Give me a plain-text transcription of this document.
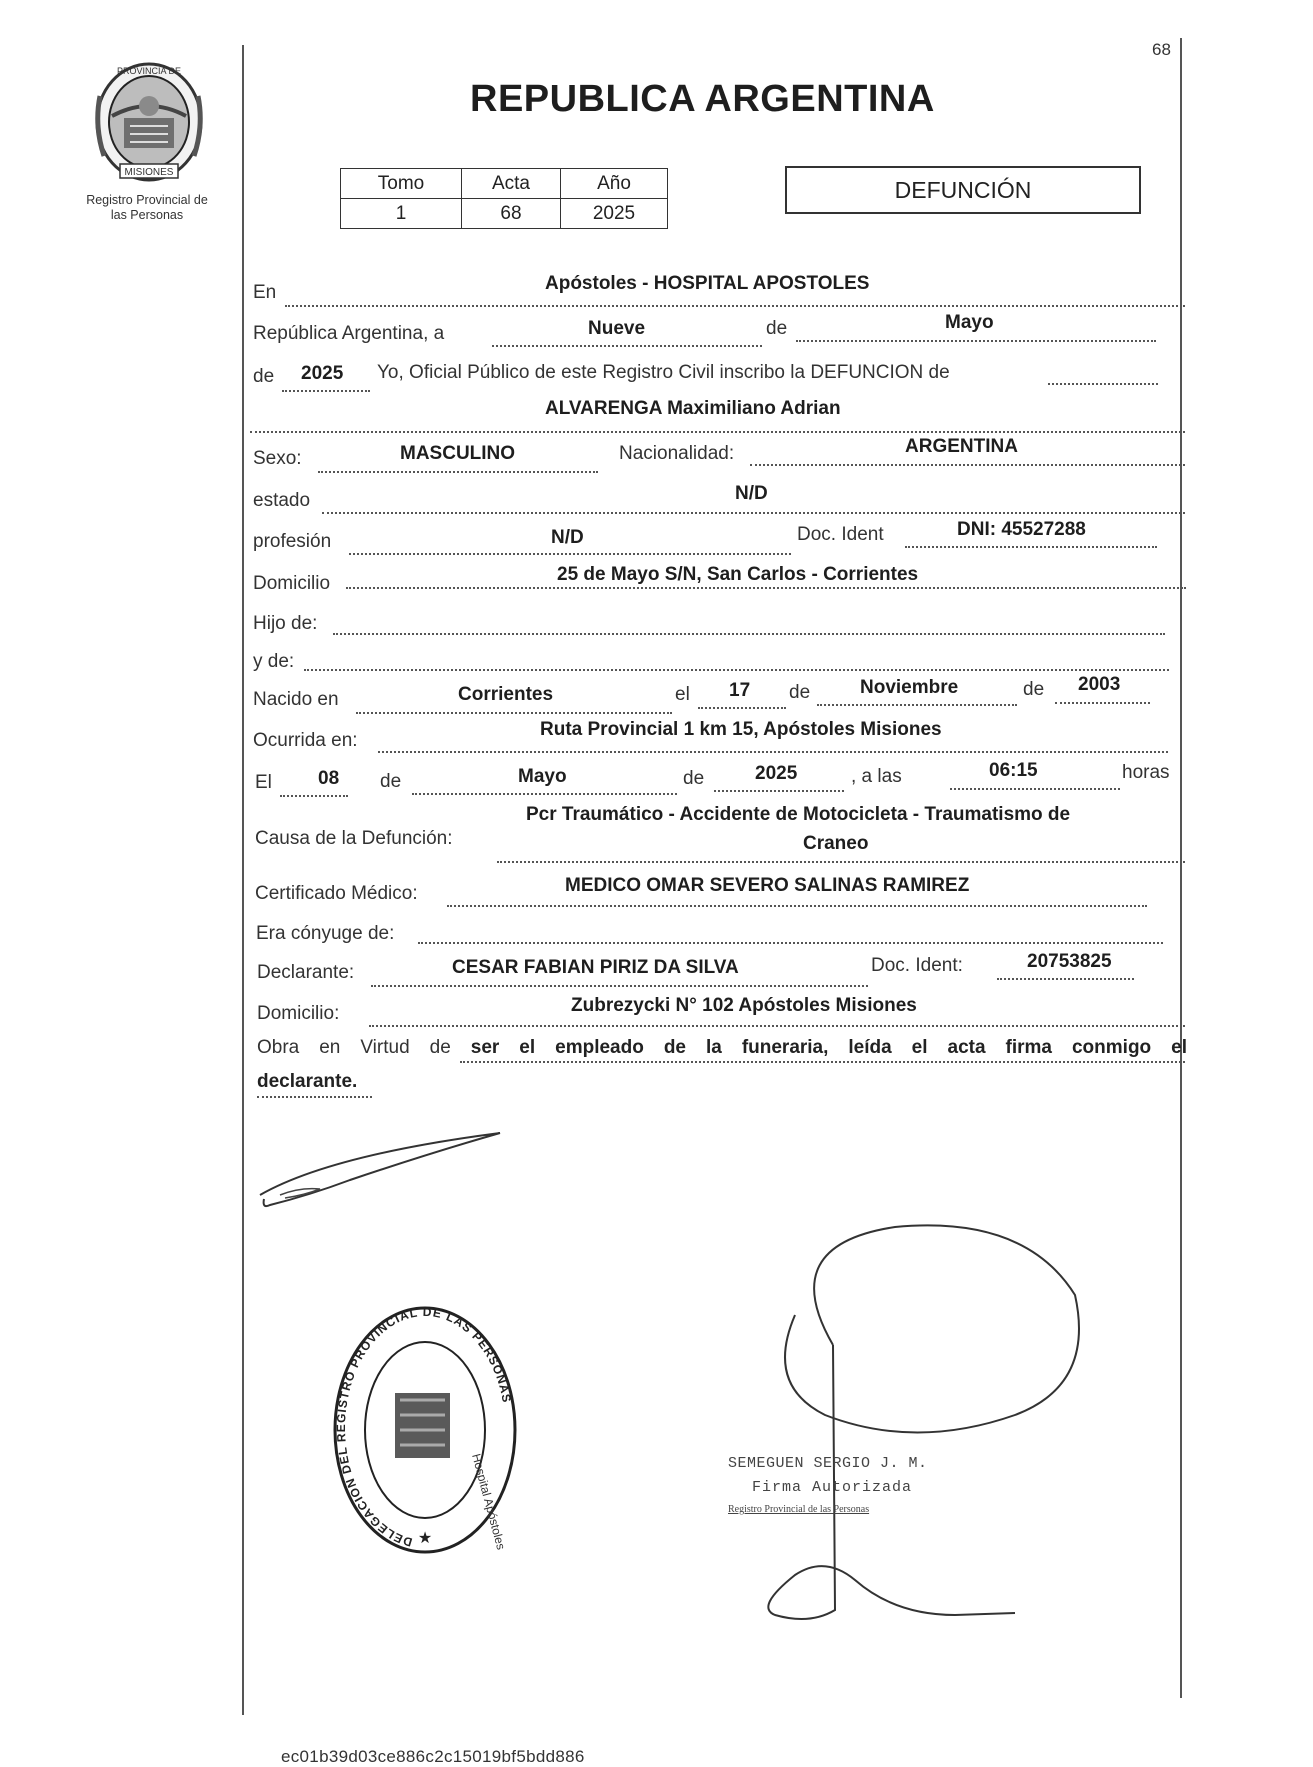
68
PROVINCIA DE
MISIONES
Registro Provincial de
las Personas
REPUBLICA ARGENTINA
Tomo	Acta	Año
1	68	2025
DEFUNCIÓN
En	Apóstoles - HOSPITAL APOSTOLES
República Argentina, a	Nueve	de	Mayo
de 2025 Yo, Oficial Público de este Registro Civil inscribo la DEFUNCION de
ALVARENGA Maximiliano Adrian
Sexo:	MASCULINO	Nacionalidad:	ARGENTINA
estado	N/D
profesión	N/D	Doc. Ident	DNI: 45527288
Domicilio	25 de Mayo S/N, San Carlos - Corrientes
Hijo de:
y de:
Nacido en	Corrientes	el 17 de	Noviembre	de 2003
Ocurrida en:
Ruta Provincial 1 km 15, Apóstoles Misiones
El 08 de	Mayo	de	2025	, a las	06:15	horas
Causa de la Defunción:
Pcr Traumático - Accidente de Motocicleta - Traumatismo de
Craneo
Certificado Médico:	MEDICO OMAR SEVERO SALINAS RAMIREZ
Era cónyuge de:
Declarante:	CESAR FABIAN PIRIZ DA SILVA	Doc. Ident:	20753825
Domicilio:	Zubrezycki N° 102 Apóstoles Misiones
Obra en Virtud de ser el empleado de la funeraria, leída el acta firma conmigo el
declarante.
DELEGACION DEL REGISTRO PROVINCIAL DE LAS PERSONAS
Hospital Apóstoles
★
SEMEGUEN SERGIO J. M.
Firma Autorizada
Registro Provincial de las Personas
ec01b39d03ce886c2c15019bf5bdd886
